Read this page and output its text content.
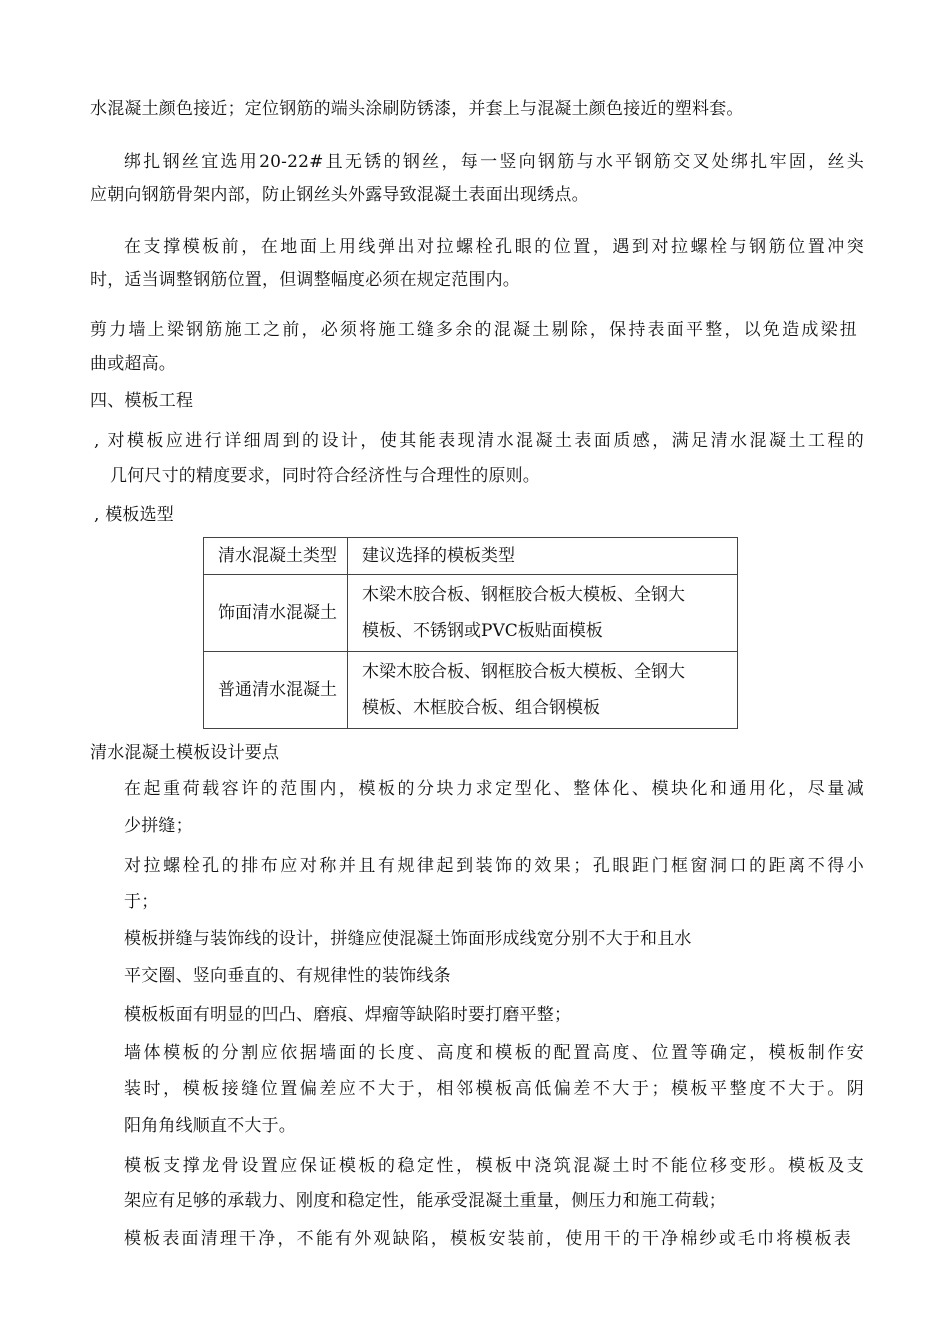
水混凝土颜色接近；定位钢筋的端头涂刷防锈漆，并套上与混凝土颜色接近的塑料套。
绑扎钢丝宜选用20-22#且无锈的钢丝，每一竖向钢筋与水平钢筋交叉处绑扎牢固，丝头
应朝向钢筋骨架内部，防止钢丝头外露导致混凝土表面出现绣点。
在支撑模板前，在地面上用线弹出对拉螺栓孔眼的位置，遇到对拉螺栓与钢筋位置冲突
时，适当调整钢筋位置，但调整幅度必须在规定范围内。
剪力墙上梁钢筋施工之前，必须将施工缝多余的混凝土剔除，保持表面平整，以免造成梁扭
曲或超高。
四、模板工程
, 对模板应进行详细周到的设计，使其能表现清水混凝土表面质感，满足清水混凝土工程的
几何尺寸的精度要求，同时符合经济性与合理性的原则。
, 模板选型
清水混凝土类型	建议选择的模板类型
饰面清水混凝土	木梁木胶合板、钢框胶合板大模板、全钢大
模板、不锈钢或PVC板贴面模板

普通清水混凝土	木梁木胶合板、钢框胶合板大模板、全钢大
模板、木框胶合板、组合钢模板
清水混凝土模板设计要点
在起重荷载容许的范围内，模板的分块力求定型化、整体化、模块化和通用化，尽量减
少拼缝；
对拉螺栓孔的排布应对称并且有规律起到装饰的效果；孔眼距门框窗洞口的距离不得小
于；
模板拼缝与装饰线的设计，拼缝应使混凝土饰面形成线宽分别不大于和且水
平交圈、竖向垂直的、有规律性的装饰线条
模板板面有明显的凹凸、磨痕、焊瘤等缺陷时要打磨平整；
墙体模板的分割应依据墙面的长度、高度和模板的配置高度、位置等确定，模板制作安
装时，模板接缝位置偏差应不大于，相邻模板高低偏差不大于；模板平整度不大于。阴
阳角角线顺直不大于。
模板支撑龙骨设置应保证模板的稳定性，模板中浇筑混凝土时不能位移变形。模板及支
架应有足够的承载力、刚度和稳定性，能承受混凝土重量，侧压力和施工荷载；
模板表面清理干净，不能有外观缺陷，模板安装前，使用干的干净棉纱或毛巾将模板表
